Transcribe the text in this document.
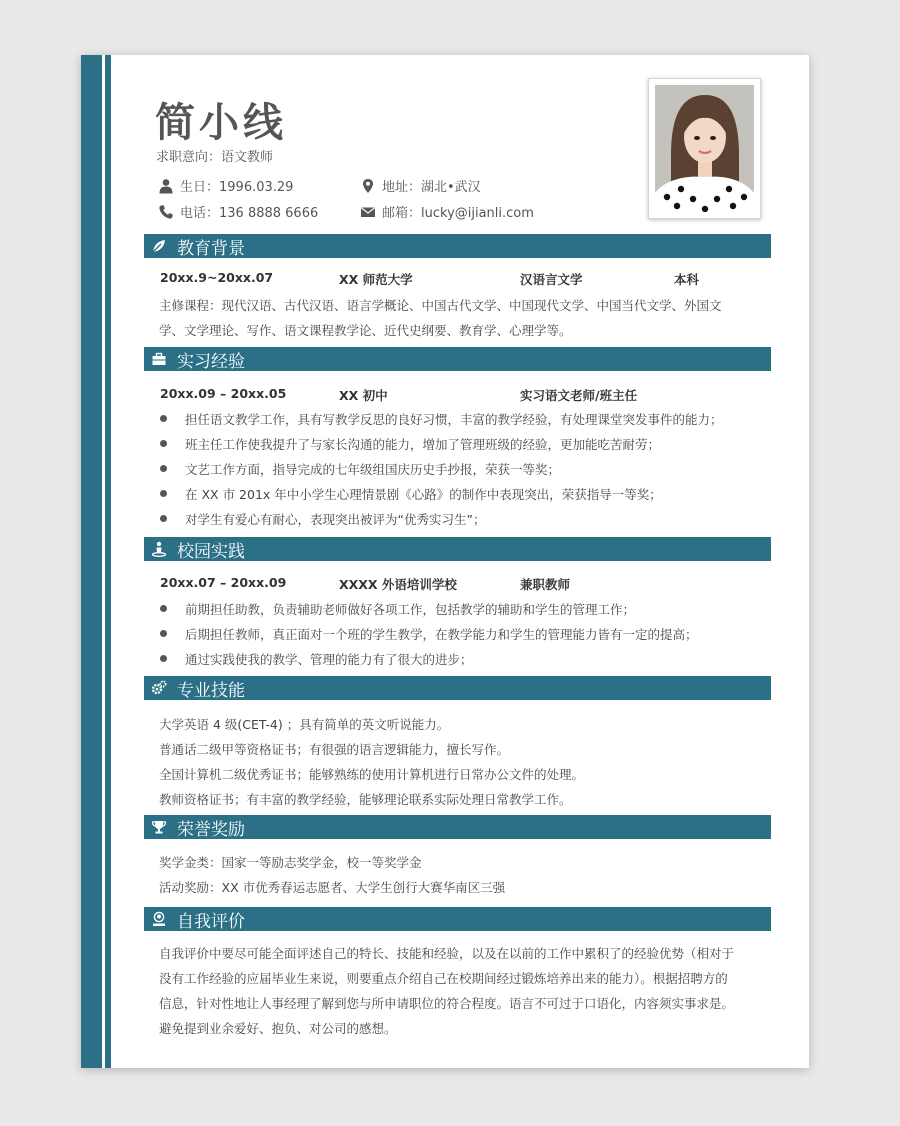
简小线
求职意向：语文教师
生日：1996.03.29	地址：湖北•武汉
电话：136 8888 6666	邮箱：lucky@ijianli.com
教育背景
20xx.9~20xx.07	XX 师范大学	汉语言文学	本科
主修课程：现代汉语、古代汉语、语言学概论、中国古代文学、中国现代文学、中国当代文学、外国文
学、文学理论、写作、语文课程教学论、近代史纲要、教育学、心理学等。
实习经验
20xx.09 – 20xx.05	XX 初中	实习语文老师/班主任
担任语文教学工作，具有写教学反思的良好习惯，丰富的教学经验，有处理课堂突发事件的能力；
班主任工作使我提升了与家长沟通的能力，增加了管理班级的经验，更加能吃苦耐劳；
文艺工作方面，指导完成的七年级组国庆历史手抄报，荣获一等奖；
在 XX 市 201x 年中小学生心理情景剧《心路》的制作中表现突出，荣获指导一等奖；
对学生有爱心有耐心，表现突出被评为“优秀实习生”；
校园实践
20xx.07 – 20xx.09	XXXX 外语培训学校	兼职教师
前期担任助教，负责辅助老师做好各项工作，包括教学的辅助和学生的管理工作；
后期担任教师，真正面对一个班的学生教学，在教学能力和学生的管理能力皆有一定的提高；
通过实践使我的教学、管理的能力有了很大的进步；
专业技能
大学英语 4 级(CET-4) ；具有简单的英文听说能力。
普通话二级甲等资格证书；有很强的语言逻辑能力，擅长写作。
全国计算机二级优秀证书；能够熟练的使用计算机进行日常办公文件的处理。
教师资格证书；有丰富的教学经验，能够理论联系实际处理日常教学工作。
荣誉奖励
奖学金类：国家一等励志奖学金，校一等奖学金
活动奖励：XX 市优秀春运志愿者、大学生创行大赛华南区三强
自我评价
自我评价中要尽可能全面评述自己的特长、技能和经验，以及在以前的工作中累积了的经验优势（相对于
没有工作经验的应届毕业生来说，则要重点介绍自己在校期间经过锻炼培养出来的能力）。根据招聘方的
信息，针对性地让人事经理了解到您与所申请职位的符合程度。语言不可过于口语化，内容须实事求是。
避免提到业余爱好、抱负、对公司的感想。
